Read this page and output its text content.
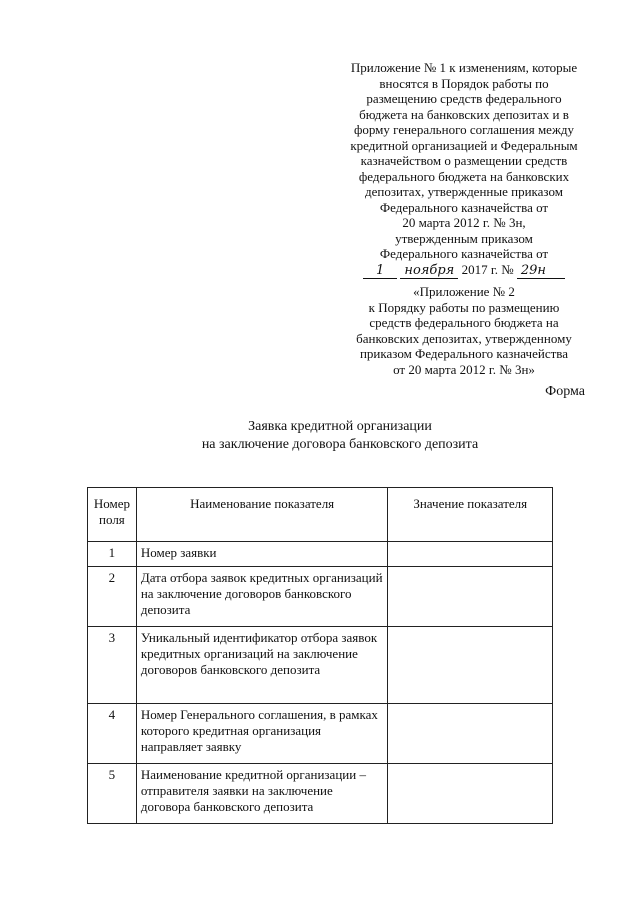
Приложение № 1 к изменениям, которые
вносятся в Порядок работы по
размещению средств федерального
бюджета на банковских депозитах и в
форму генерального соглашения между
кредитной организацией и Федеральным
казначейством о размещении средств
федерального бюджета на банковских
депозитах, утвержденные приказом
Федерального казначейства от
20 марта 2012 г. № 3н,
утвержденным приказом
Федерального казначейства от
1 ноября 2017 г. № 29н
«Приложение № 2
к Порядку работы по размещению
средств федерального бюджета на
банковских депозитах, утвержденному
приказом Федерального казначейства
от 20 марта 2012 г. № 3н»
Форма
Заявка кредитной организации
на заключение договора банковского депозита
Номер поля	Наименование показателя	Значение показателя
1	Номер заявки	
2	Дата отбора заявок кредитных организаций на заключение договоров банковского депозита	
3	Уникальный идентификатор отбора заявок кредитных организаций на заключение договоров банковского депозита	
4	Номер Генерального соглашения, в рамках которого кредитная организация направляет заявку	
5	Наименование кредитной организации – отправителя заявки на заключение договора банковского депозита	
